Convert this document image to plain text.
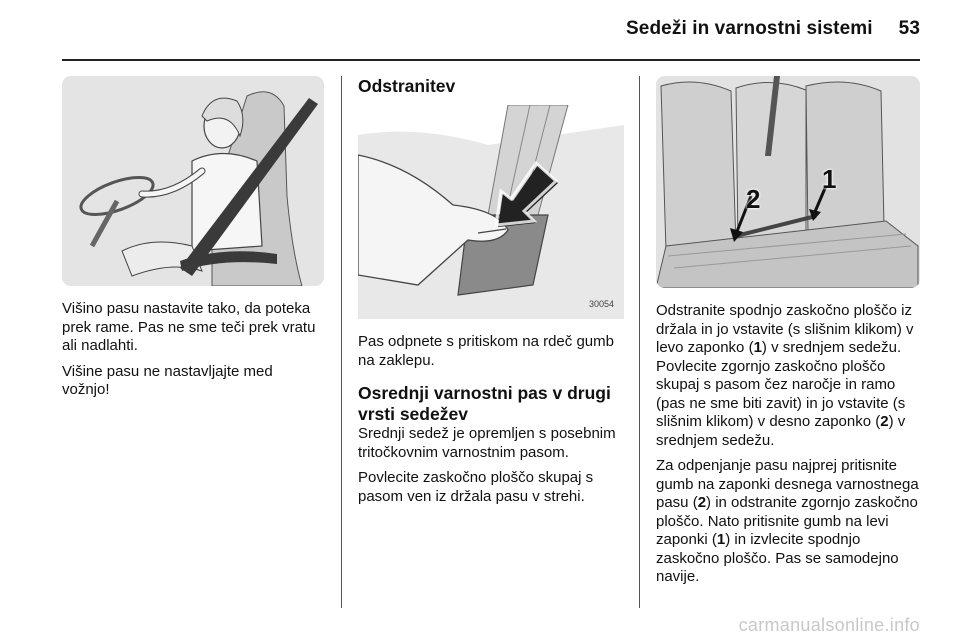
Sedeži in varnostni sistemi 53

Višino pasu nastavite tako, da poteka prek rame. Pas ne sme teči prek vratu ali nadlahti.

Višine pasu ne nastavljajte med vožnjo!

Odstranitev
30054

Pas odpnete s pritiskom na rdeč gumb na zaklepu.

Osrednji varnostni pas v drugi vrsti sedežev

Srednji sedež je opremljen s posebnim tritočkovnim varnostnim pasom.

Povlecite zaskočno ploščo skupaj s pasom ven iz držala pasu v strehi.

1
2

Odstranite spodnjo zaskočno ploščo iz držala in jo vstavite (s slišnim klikom) v levo zaponko (1) v srednjem sedežu. Povlecite zgornjo zaskočno ploščo skupaj s pasom čez naročje in ramo (pas ne sme biti zavit) in jo vstavite (s slišnim klikom) v desno zaponko (2) v srednjem sedežu.

Za odpenjanje pasu najprej pritisnite gumb na zaponki desnega varnostnega pasu (2) in odstranite zgornjo zaskočno ploščo. Nato pritisnite gumb na levi zaponki (1) in izvlecite spodnjo zaskočno ploščo. Pas se samodejno navije.

carmanualsonline.info
